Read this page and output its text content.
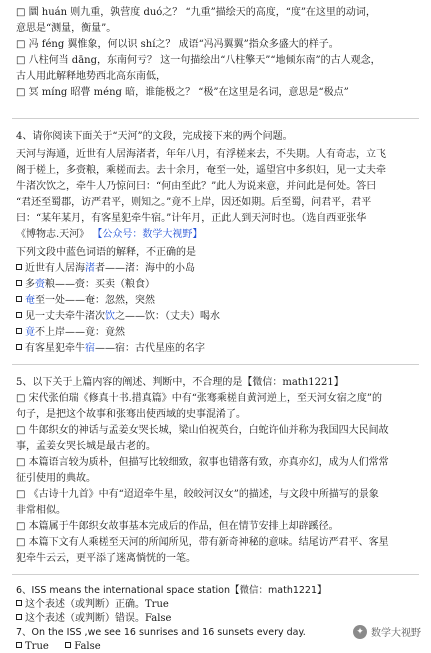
□ 圜 huán 则九重，孰营度 duó之？ “九重”描绘天的高度，“度”在这里的动词，
意思是“测量，衡量”。
□ 冯 féng 翼惟象，何以识 shí之？ 成语“冯冯翼翼”指众多盛大的样子。
□ 八柱何当 dāng，东南何亏？ 这一句描绘出“八柱擎天”“地倾东南”的古人观念，
古人用此解释地势西北高东南低，
□ 冥 míng 昭瞢 méng 暗，谁能极之？ “极”在这里是名词，意思是“极点”
4、请你阅读下面关于“天河”的文段，完成接下来的两个问题。
天河与海通，近世有人居海渚者，年年八月，有浮槎来去，不失期。人有奇志，立飞
阁于槎上，多赍粮，乘槎而去。去十余月，奄至一处，遥望宫中多织妇，见一丈夫牵
牛渚次饮之，牵牛人乃惊问曰：“何由至此？”此人为说来意，并问此是何处。答曰
“君还至蜀郡，访严君平，则知之。”竟不上岸，因还如期。后至蜀，问君平，君平
曰：“某年某月，有客星犯牵牛宿。”计年月，正此人到天河时也。（选自西亚张华
《博物志.天河》 【公众号：数学大视野】
下列文段中蓝色词语的解释，不正确的是
近世有人居海渚者——渚：海中的小岛
多赍粮——赍：买卖（粮食）
奄至一处——奄：忽然，突然
见一丈夫牵牛渚次饮之——饮：（丈夫）喝水
竟不上岸——竟：竟然
有客星犯牵牛宿——宿：古代星座的名字
5、以下关于上篇内容的阐述、判断中，不合理的是【微信：math1221】
□ 宋代张伯瑞《修真十书.措真篇》中有“张骞乘槎自黄河逆上，至天河女宿之度”的
句子，是把这个故事和张骞出使西域的史事混淆了。
□ 牛郎织女的神话与孟姜女哭长城，梁山伯祝英台，白蛇许仙并称为我国四大民间故
事，孟姜女哭长城是最古老的。
□ 本篇语言较为质朴，但描写比较细致，叙事也错落有致，亦真亦幻，成为人们常常
征引使用的典故。
□ 《古诗十九首》中有“迢迢牵牛星，皎皎河汉女”的描述，与文段中所描写的景象
非常相似。
□ 本篇属于牛郎织女故事基本完成后的作品，但在情节安排上却辟蹊径。
□ 本篇下文有人乘槎至天河的所闻所见，带有新奇神秘的意味。结尾访严君平、客星
犯牵牛云云，更平添了迷离惝恍的一笔。
6、ISS means the international space station【微信：math1221】
这个表述（或判断）正确。True
这个表述（或判断）错误。False
7、On the ISS ,we see 16 sunrises and 16 sunsets every day.
True	False
✦ 数学大视野
